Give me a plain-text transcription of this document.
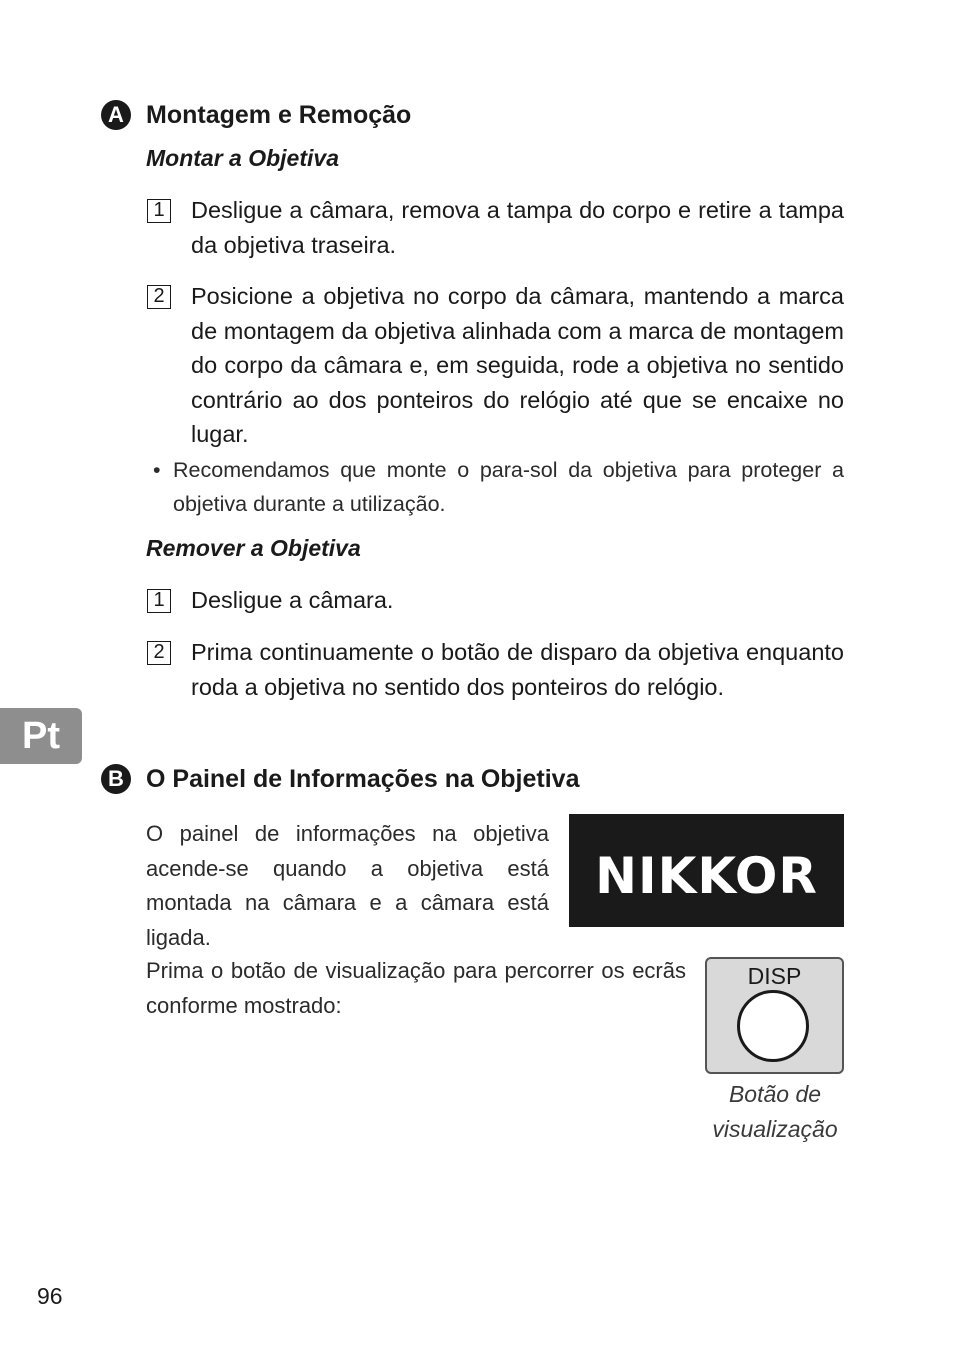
A Montagem e Remoção
Montar a Objetiva
1 Desligue a câmara, remova a tampa do corpo e retire a tampa da objetiva traseira.
2 Posicione a objetiva no corpo da câmara, mantendo a marca de montagem da objetiva alinhada com a marca de montagem do corpo da câmara e, em seguida, rode a objetiva no sentido contrário ao dos ponteiros do relógio até que se encaixe no lugar.
• Recomendamos que monte o para-sol da objetiva para proteger a objetiva durante a utilização.
Remover a Objetiva
1 Desligue a câmara.
2 Prima continuamente o botão de disparo da objetiva enquanto roda a objetiva no sentido dos ponteiros do relógio.
Pt
B O Painel de Informações na Objetiva
O painel de informações na objetiva acende-se quando a objetiva está montada na câmara e a câmara está ligada.
NIKKOR
Prima o botão de visualização para percorrer os ecrãs conforme mostrado:
DISP
Botão de
visualização
96
